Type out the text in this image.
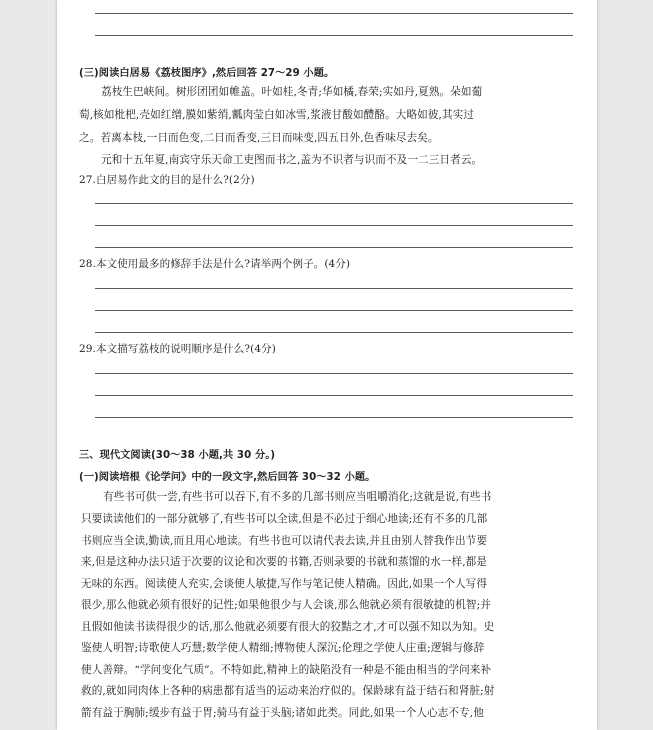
(三)阅读白居易《荔枝图序》,然后回答 27～29 小题。
荔枝生巴峡间。树形团团如帷盖。叶如桂,冬青;华如橘,春荣;实如丹,夏熟。朵如葡
萄,核如枇杷,壳如红缯,膜如紫绡,瓤肉莹白如冰雪,浆液甘酸如醴酪。大略如彼,其实过
之。若离本枝,一日而色变,二日而香变,三日而味变,四五日外,色香味尽去矣。
元和十五年夏,南宾守乐天命工吏图而书之,盖为不识者与识而不及一二三日者云。
27.白居易作此文的目的是什么?(2分)
28.本文使用最多的修辞手法是什么?请举两个例子。(4分)
29.本文描写荔枝的说明顺序是什么?(4分)
三、现代文阅读(30～38 小题,共 30 分。)
(一)阅读培根《论学问》中的一段文字,然后回答 30～32 小题。
有些书可供一尝,有些书可以吞下,有不多的几部书则应当咀嚼消化;这就是说,有些书
只要读读他们的一部分就够了,有些书可以全读,但是不必过于细心地读;还有不多的几部
书则应当全读,勤读,而且用心地读。有些书也可以请代表去读,并且由别人替我作出节要
来,但是这种办法只适于次要的议论和次要的书籍,否则录要的书就和蒸馏的水一样,都是
无味的东西。阅读使人充实,会谈使人敏捷,写作与笔记使人精确。因此,如果一个人写得
很少,那么他就必须有很好的记性;如果他很少与人会谈,那么他就必须有很敏捷的机智;并
且假如他读书读得很少的话,那么他就必须要有很大的狡黠之才,才可以强不知以为知。史
鉴使人明智;诗歌使人巧慧;数学使人精细;博物使人深沉;伦理之学使人庄重;逻辑与修辞
使人善辩。“学问变化气质”。不特如此,精神上的缺陷没有一种是不能由相当的学问来补
救的,就如同肉体上各种的病患都有适当的运动来治疗似的。保龄球有益于结石和肾脏;射
箭有益于胸肺;缓步有益于胃;骑马有益于头脑;诸如此类。同此,如果一个人心志不专,他
